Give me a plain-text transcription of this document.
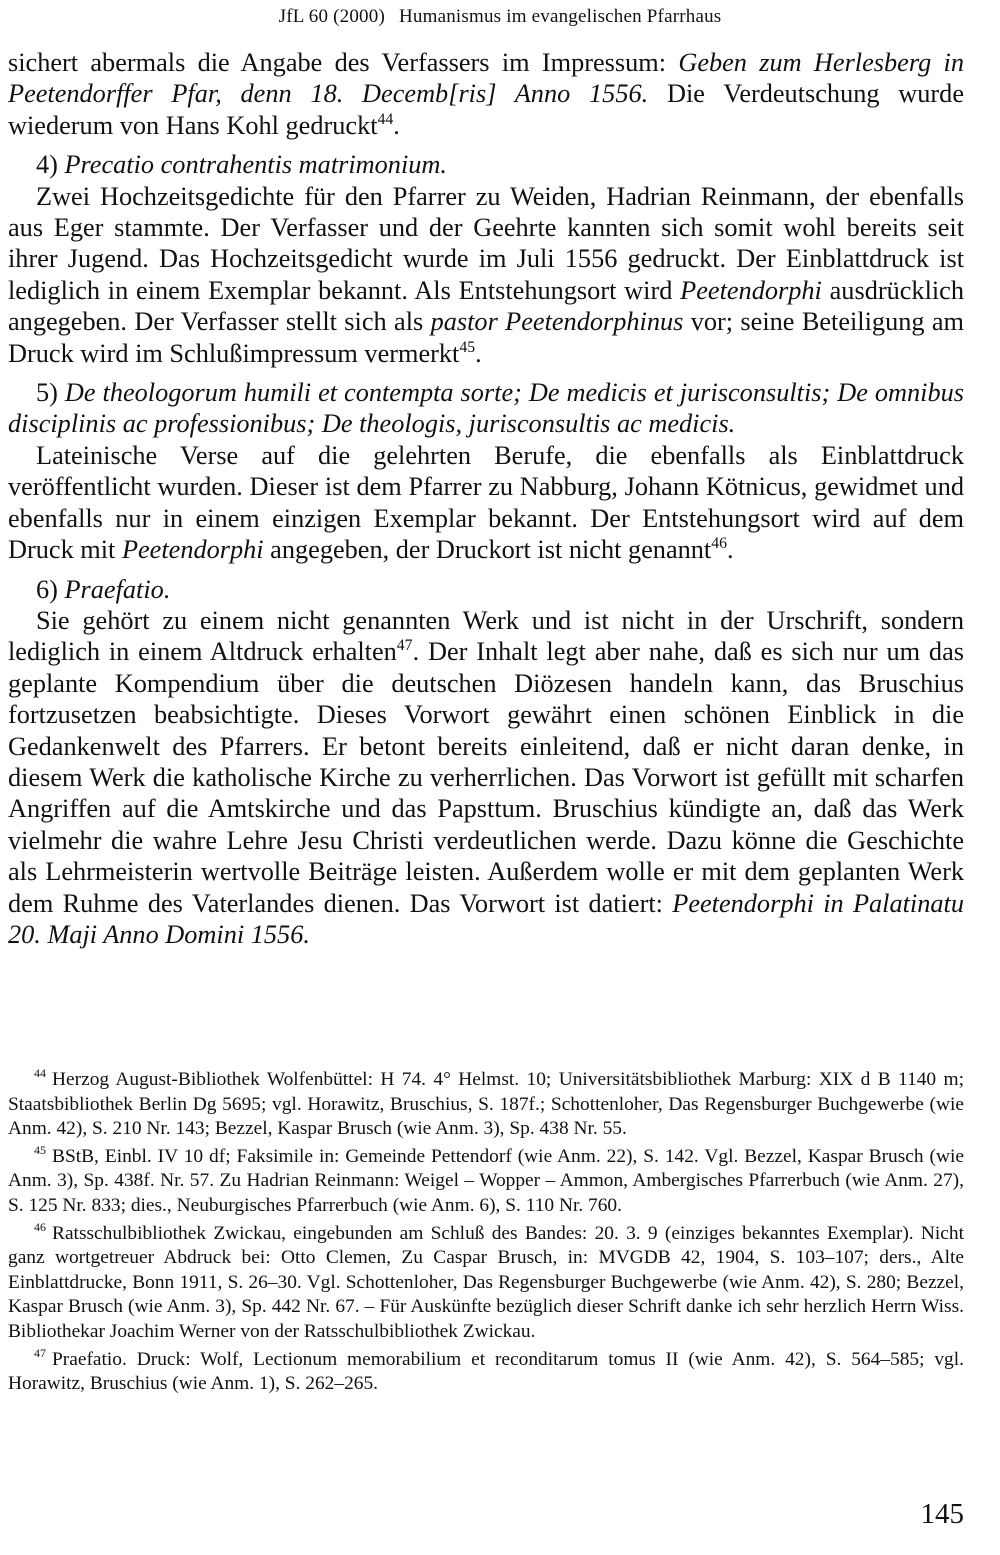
JfL 60 (2000) Humanismus im evangelischen Pfarrhaus

sichert abermals die Angabe des Verfassers im Impressum: Geben zum Herlesberg in Peetendorffer Pfar, denn 18. Decemb[ris] Anno 1556. Die Verdeutschung wurde wiederum von Hans Kohl gedruckt$^{44}$.

4) Precatio contrahentis matrimonium.

Zwei Hochzeitsgedichte für den Pfarrer zu Weiden, Hadrian Reinmann, der ebenfalls aus Eger stammte. Der Verfasser und der Geehrte kannten sich somit wohl bereits seit ihrer Jugend. Das Hochzeitsgedicht wurde im Juli 1556 gedruckt. Der Einblattdruck ist lediglich in einem Exemplar bekannt. Als Entstehungsort wird Peetendorphi ausdrücklich angegeben. Der Verfasser stellt sich als pastor Peetendorphinus vor; seine Beteiligung am Druck wird im Schlußimpressum vermerkt$^{45}$.

5) De theologorum humili et contempta sorte; De medicis et jurisconsultis; De omnibus disciplinis ac professionibus; De theologis, jurisconsultis ac medicis.

Lateinische Verse auf die gelehrten Berufe, die ebenfalls als Einblattdruck veröffentlicht wurden. Dieser ist dem Pfarrer zu Nabburg, Johann Kötnicus, gewidmet und ebenfalls nur in einem einzigen Exemplar bekannt. Der Entstehungsort wird auf dem Druck mit Peetendorphi angegeben, der Druckort ist nicht genannt$^{46}$.

6) Praefatio.

Sie gehört zu einem nicht genannten Werk und ist nicht in der Urschrift, sondern lediglich in einem Altdruck erhalten$^{47}$. Der Inhalt legt aber nahe, daß es sich nur um das geplante Kompendium über die deutschen Diözesen handeln kann, das Bruschius fortzusetzen beabsichtigte. Dieses Vorwort gewährt einen schönen Einblick in die Gedankenwelt des Pfarrers. Er betont bereits einleitend, daß er nicht daran denke, in diesem Werk die katholische Kirche zu verherrlichen. Das Vorwort ist gefüllt mit scharfen Angriffen auf die Amtskirche und das Papsttum. Bruschius kündigte an, daß das Werk vielmehr die wahre Lehre Jesu Christi verdeutlichen werde. Dazu könne die Geschichte als Lehrmeisterin wertvolle Beiträge leisten. Außerdem wolle er mit dem geplanten Werk dem Ruhme des Vaterlandes dienen. Das Vorwort ist datiert: Peetendorphi in Palatinatu 20. Maji Anno Domini 1556.

$^{44}$ Herzog August-Bibliothek Wolfenbüttel: H 74. 4° Helmst. 10; Universitätsbibliothek Marburg: XIX d B 1140 m; Staatsbibliothek Berlin Dg 5695; vgl. Horawitz, Bruschius, S. 187f.; Schottenloher, Das Regensburger Buchgewerbe (wie Anm. 42), S. 210 Nr. 143; Bezzel, Kaspar Brusch (wie Anm. 3), Sp. 438 Nr. 55.

$^{45}$ BStB, Einbl. IV 10 df; Faksimile in: Gemeinde Pettendorf (wie Anm. 22), S. 142. Vgl. Bezzel, Kaspar Brusch (wie Anm. 3), Sp. 438f. Nr. 57. Zu Hadrian Reinmann: Weigel – Wopper – Ammon, Ambergisches Pfarrerbuch (wie Anm. 27), S. 125 Nr. 833; dies., Neuburgisches Pfarrerbuch (wie Anm. 6), S. 110 Nr. 760.

$^{46}$ Ratsschulbibliothek Zwickau, eingebunden am Schluß des Bandes: 20. 3. 9 (einziges bekanntes Exemplar). Nicht ganz wortgetreuer Abdruck bei: Otto Clemen, Zu Caspar Brusch, in: MVGDB 42, 1904, S. 103–107; ders., Alte Einblattdrucke, Bonn 1911, S. 26–30. Vgl. Schottenloher, Das Regensburger Buchgewerbe (wie Anm. 42), S. 280; Bezzel, Kaspar Brusch (wie Anm. 3), Sp. 442 Nr. 67. – Für Auskünfte bezüglich dieser Schrift danke ich sehr herzlich Herrn Wiss. Bibliothekar Joachim Werner von der Ratsschulbibliothek Zwickau.

$^{47}$ Praefatio. Druck: Wolf, Lectionum memorabilium et reconditarum tomus II (wie Anm. 42), S. 564–585; vgl. Horawitz, Bruschius (wie Anm. 1), S. 262–265.

145
